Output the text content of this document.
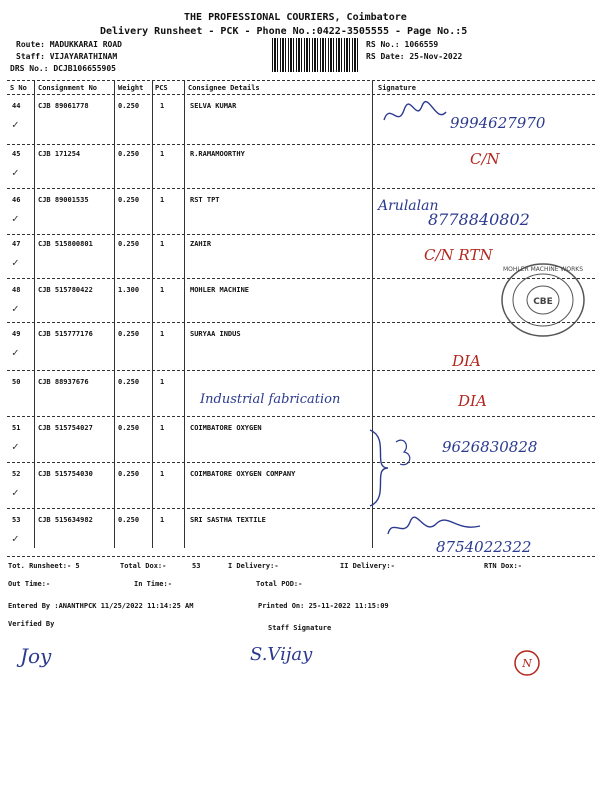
THE PROFESSIONAL COURIERS, Coimbatore
Delivery Runsheet - PCK - Phone No.:0422-3505555 - Page No.:5
Route: MADUKKARAI ROAD
Staff: VIJAYARATHINAM
DRS No.: DCJB106655905
RS No.: 1066559
RS Date: 25-Nov-2022
S No Consignment No	Weight PCS	Consignee Details	Signature
44	CJB 89061778	0.250	1	SELVA KUMAR
✓	9994627970
45	CJB 171254	0.250	1	R.RAMAMOORTHY
✓
C/N
46	CJB 89001535	0.250	1	RST TPT
✓
Arulalan
8778840802
47	CJB 515800801	0.250	1	ZAHIR
✓	C/N RTN
48	CJB 515780422	1.300	1	MOHLER MACHINE
✓
MOHLER MACHINE WORKS
CBE
49	CJB 515777176	0.250	1	SURYAA INDUS
✓	DIA
50	CJB 88937676	0.250	1
Industrial fabrication	DIA
51	CJB 515754027	0.250	1	COIMBATORE OXYGEN
✓	9626830828
52	CJB 515754030	0.250	1	COIMBATORE OXYGEN COMPANY
✓
53	CJB 515634982	0.250	1	SRI SASTHA TEXTILE
✓	8754022322
Tot. Runsheet:- 5	Total Dox:-	53	I Delivery:-	II Delivery:-	RTN Dox:-
Out Time:-	In Time:-	Total POD:-
Entered By :ANANTHPCK 11/25/2022 11:14:25 AM	Printed On: 25-11-2022 11:15:09
Verified By	Staff Signature
Joy	S.Vijay	N
